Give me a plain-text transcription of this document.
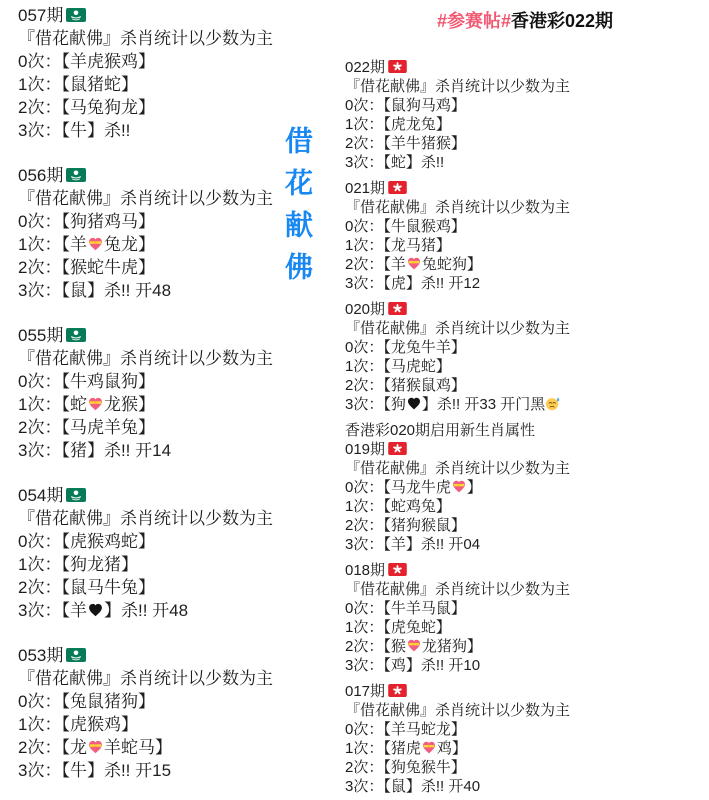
#参赛帖#香港彩022期
借花献佛
057期
『借花献佛』杀肖统计以少数为主
0次：【羊虎猴鸡】
1次：【鼠猪蛇】
2次：【马兔狗龙】
3次：【牛】杀!!
056期
『借花献佛』杀肖统计以少数为主
0次：【狗猪鸡马】
1次：【羊 兔龙】
2次：【猴蛇牛虎】
3次：【鼠】杀!! 开48
055期
『借花献佛』杀肖统计以少数为主
0次：【牛鸡鼠狗】
1次：【蛇 龙猴】
2次：【马虎羊兔】
3次：【猪】杀!! 开14
054期
『借花献佛』杀肖统计以少数为主
0次：【虎猴鸡蛇】
1次：【狗龙猪】
2次：【鼠马牛兔】
3次：【羊 】杀!! 开48
053期
『借花献佛』杀肖统计以少数为主
0次：【兔鼠猪狗】
1次：【虎猴鸡】
2次：【龙 羊蛇马】
3次：【牛】杀!! 开15
022期
『借花献佛』杀肖统计以少数为主
0次：【鼠狗马鸡】
1次：【虎龙兔】
2次：【羊牛猪猴】
3次：【蛇】杀!!
021期
『借花献佛』杀肖统计以少数为主
0次：【牛鼠猴鸡】
1次：【龙马猪】
2次：【羊 兔蛇狗】
3次：【虎】杀!! 开12
020期
『借花献佛』杀肖统计以少数为主
0次：【龙兔牛羊】
1次：【马虎蛇】
2次：【猪猴鼠鸡】
3次：【狗 】杀!! 开33 开门黑
香港彩020期启用新生肖属性
019期
『借花献佛』杀肖统计以少数为主
0次：【马龙牛虎 】
1次：【蛇鸡兔】
2次：【猪狗猴鼠】
3次：【羊】杀!! 开04
018期
『借花献佛』杀肖统计以少数为主
0次：【牛羊马鼠】
1次：【虎兔蛇】
2次：【猴 龙猪狗】
3次：【鸡】杀!! 开10
017期
『借花献佛』杀肖统计以少数为主
0次：【羊马蛇龙】
1次：【猪虎 鸡】
2次：【狗兔猴牛】
3次：【鼠】杀!! 开40
